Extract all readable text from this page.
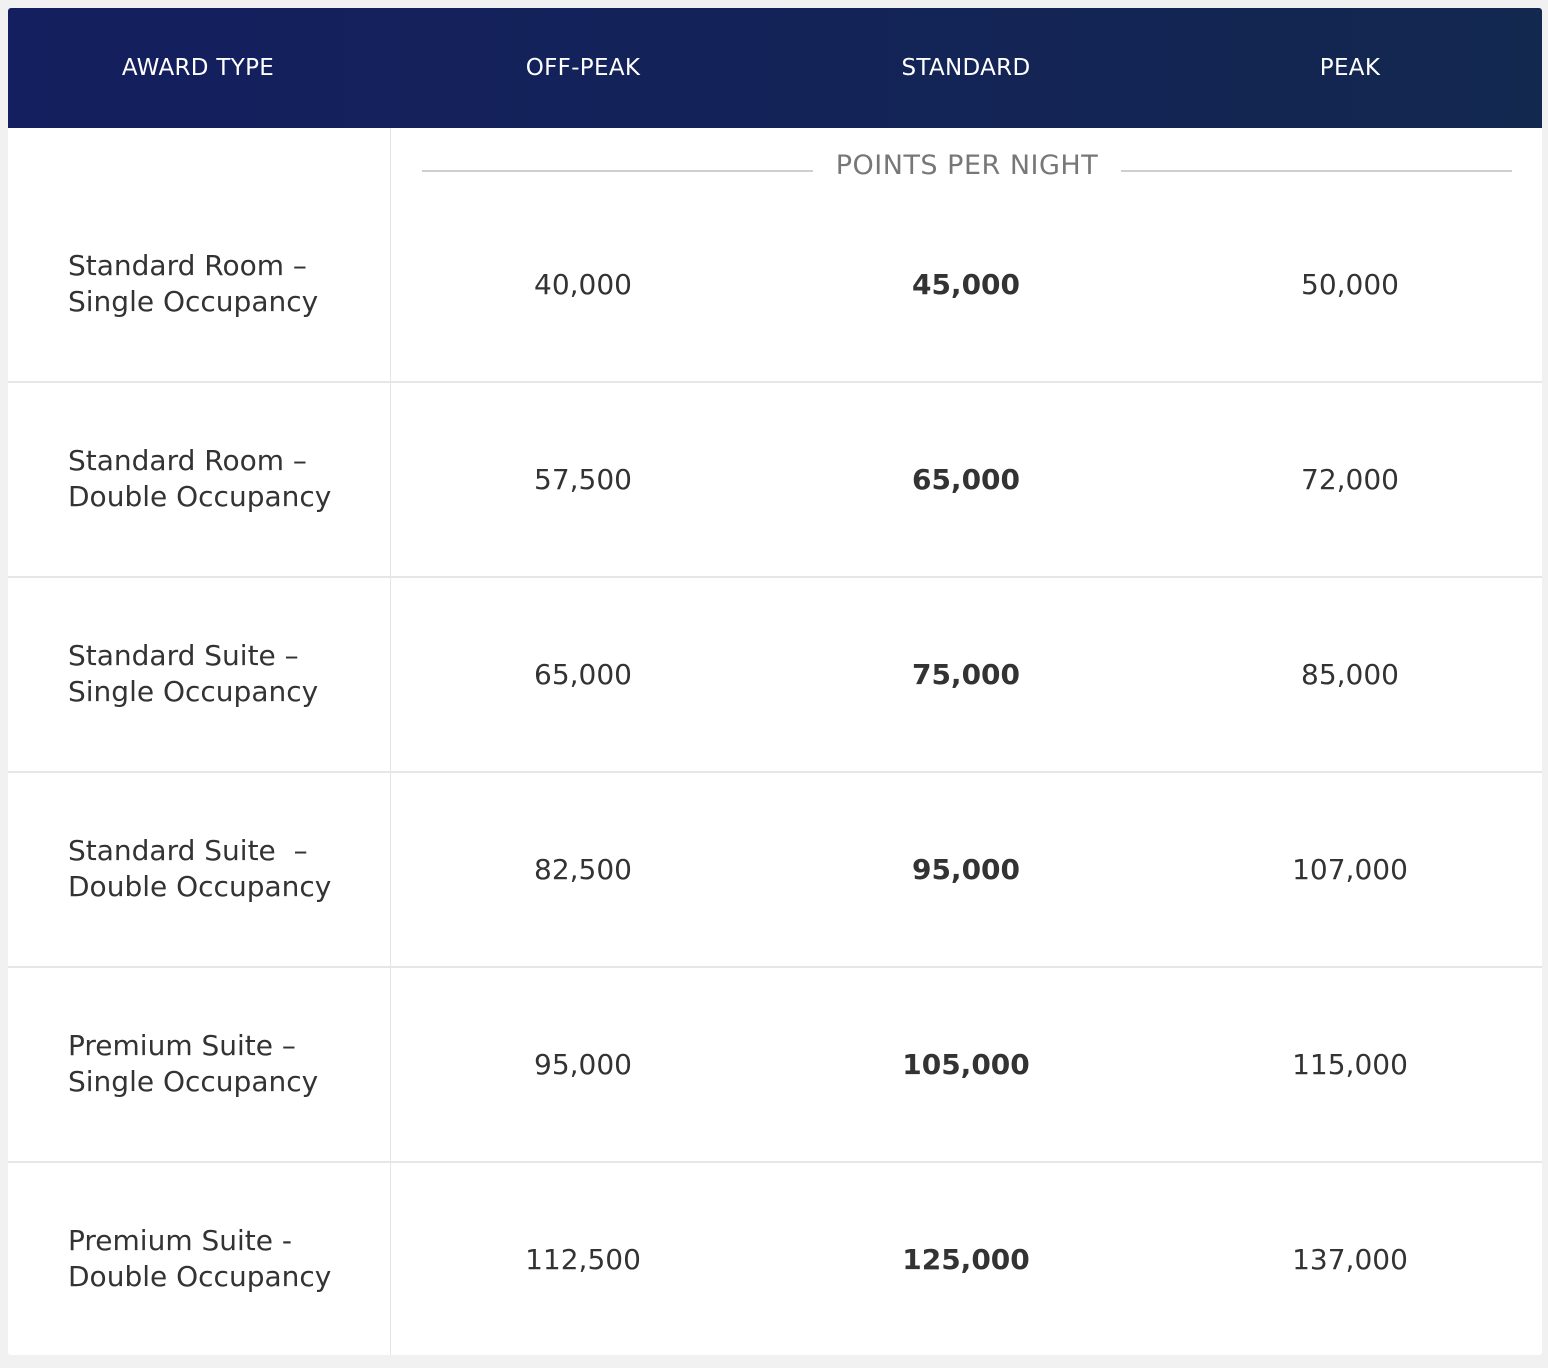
AWARD TYPE	OFF-PEAK	STANDARD	PEAK
POINTS PER NIGHT
Standard Room –
Single Occupancy
40,000	45,000	50,000
Standard Room –
Double Occupancy
57,500	65,000	72,000
Standard Suite –
Single Occupancy
65,000	75,000	85,000
Standard Suite  –
Double Occupancy
82,500	95,000	107,000
Premium Suite –
Single Occupancy
95,000	105,000	115,000
Premium Suite -
Double Occupancy
112,500	125,000	137,000
